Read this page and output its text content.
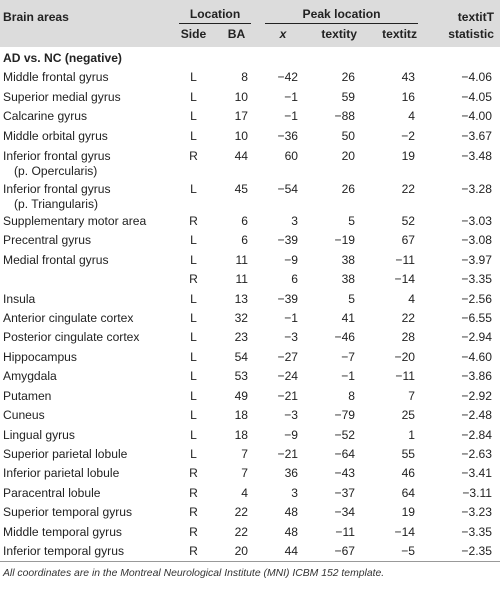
Brain areas	Location		Peak location			textitT
	Side	BA	x	textity	textitz	statistic
AD vs. NC (negative)						
Middle frontal gyrus	L	8	−42	26	43	−4.06
Superior medial gyrus	L	10	−1	59	16	−4.05
Calcarine gyrus	L	17	−1	−88	4	−4.00
Middle orbital gyrus	L	10	−36	50	−2	−3.67
Inferior frontal gyrus	R	44	60	20	19	−3.48
(p. Opercularis)						
Inferior frontal gyrus	L	45	−54	26	22	−3.28
(p. Triangularis)						
Supplementary motor area	R	6	3	5	52	−3.03
Precentral gyrus	L	6	−39	−19	67	−3.08
Medial frontal gyrus	L	11	−9	38	−11	−3.97
	R	11	6	38	−14	−3.35
Insula	L	13	−39	5	4	−2.56
Anterior cingulate cortex	L	32	−1	41	22	−6.55
Posterior cingulate cortex	L	23	−3	−46	28	−2.94
Hippocampus	L	54	−27	−7	−20	−4.60
Amygdala	L	53	−24	−1	−11	−3.86
Putamen	L	49	−21	8	7	−2.92
Cuneus	L	18	−3	−79	25	−2.48
Lingual gyrus	L	18	−9	−52	1	−2.84
Superior parietal lobule	L	7	−21	−64	55	−2.63
Inferior parietal lobule	R	7	36	−43	46	−3.41
Paracentral lobule	R	4	3	−37	64	−3.11
Superior temporal gyrus	R	22	48	−34	19	−3.23
Middle temporal gyrus	R	22	48	−11	−14	−3.35
Inferior temporal gyrus	R	20	44	−67	−5	−2.35
All coordinates are in the Montreal Neurological Institute (MNI) ICBM 152 template.
